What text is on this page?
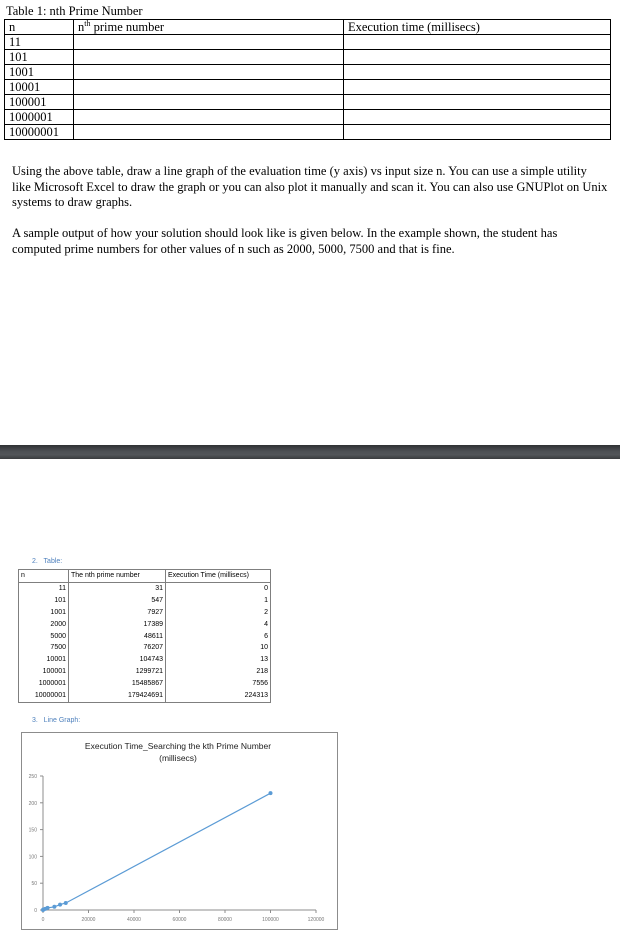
Table 1: nth Prime Number
n	$n^{th}$ prime number	Execution time (millisecs)
11		
101		
1001		
10001		
100001		
1000001		
10000001		

Using the above table, draw a line graph of the evaluation time (y axis) vs input size n. You can use a simple utility like Microsoft Excel to draw the graph or you can also plot it manually and scan it. You can also use GNUPlot on Unix systems to draw graphs.

A sample output of how your solution should look like is given below. In the example shown, the student has computed prime numbers for other values of n such as 2000, 5000, 7500 and that is fine.

2.   Table:
n	The nth prime number	Execution Time (millisecs)
11	31	0
101	547	1
1001	7927	2
2000	17389	4
5000	48611	6
7500	76207	10
10001	104743	13
100001	1299721	218
1000001	15485867	7556
10000001	179424691	224313
3.   Line Graph:
Execution Time_Searching the kth Prime Number
(millisecs)
0
50
100
150
200
250
0	20000	40000	60000	80000	100000	120000
